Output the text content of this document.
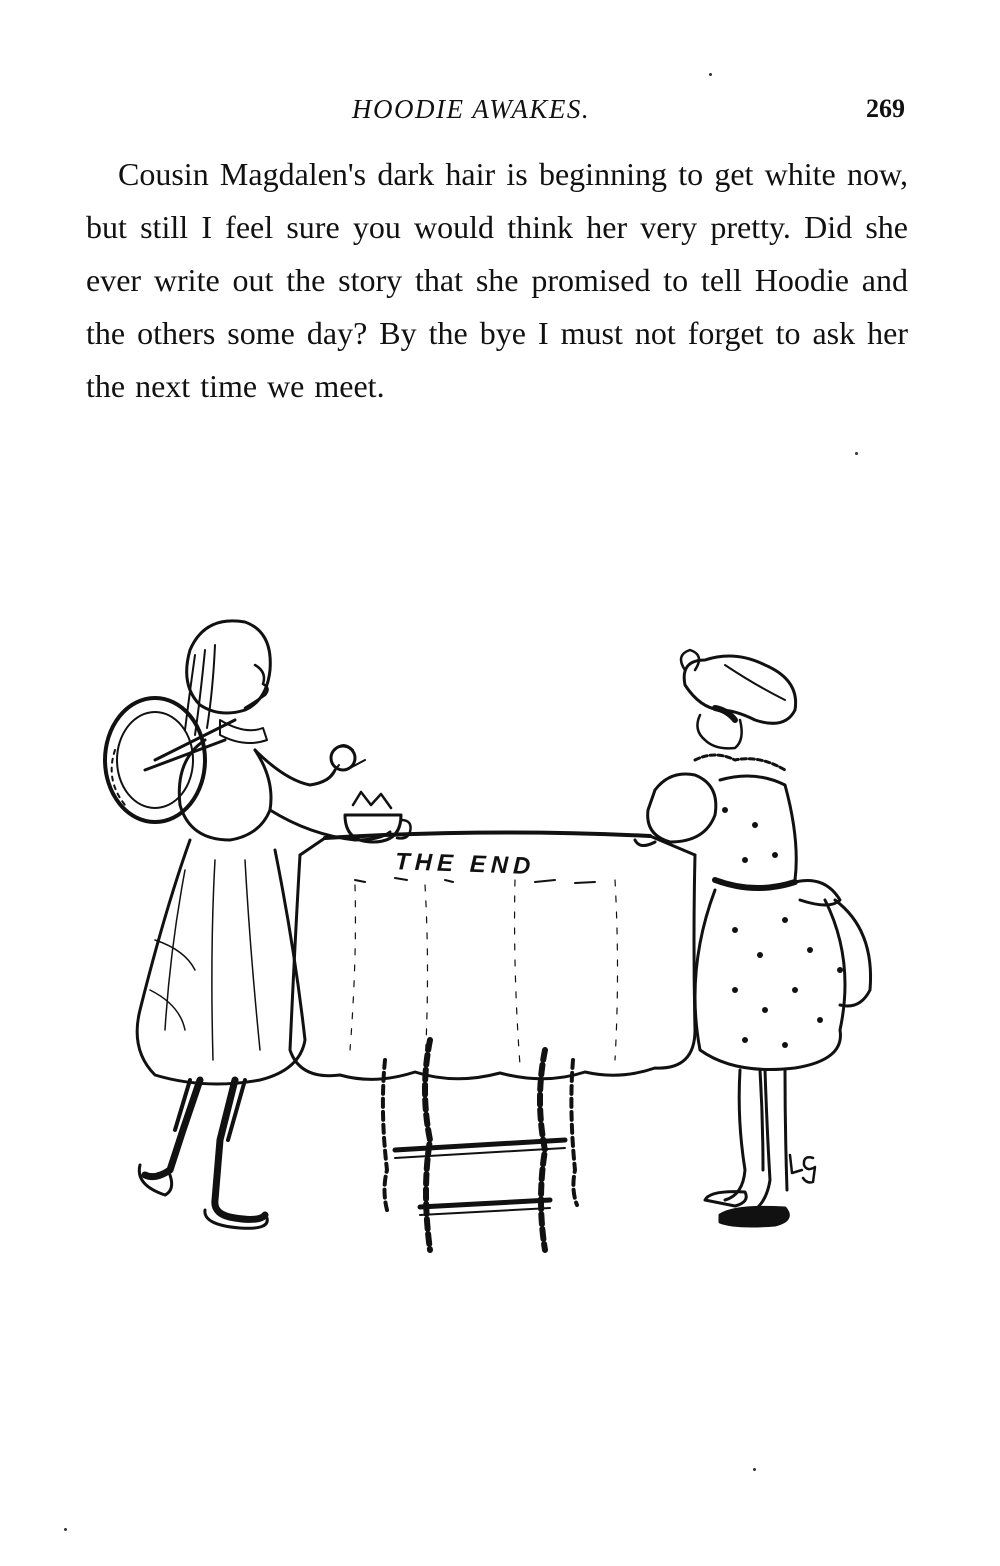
HOODIE AWAKES.	269

Cousin Magdalen's dark hair is beginning to get white now, but still I feel sure you would think her very pretty. Did she ever write out the story that she promised to tell Hoodie and the others some day? By the bye I must not forget to ask her the next time we meet.

THE END
